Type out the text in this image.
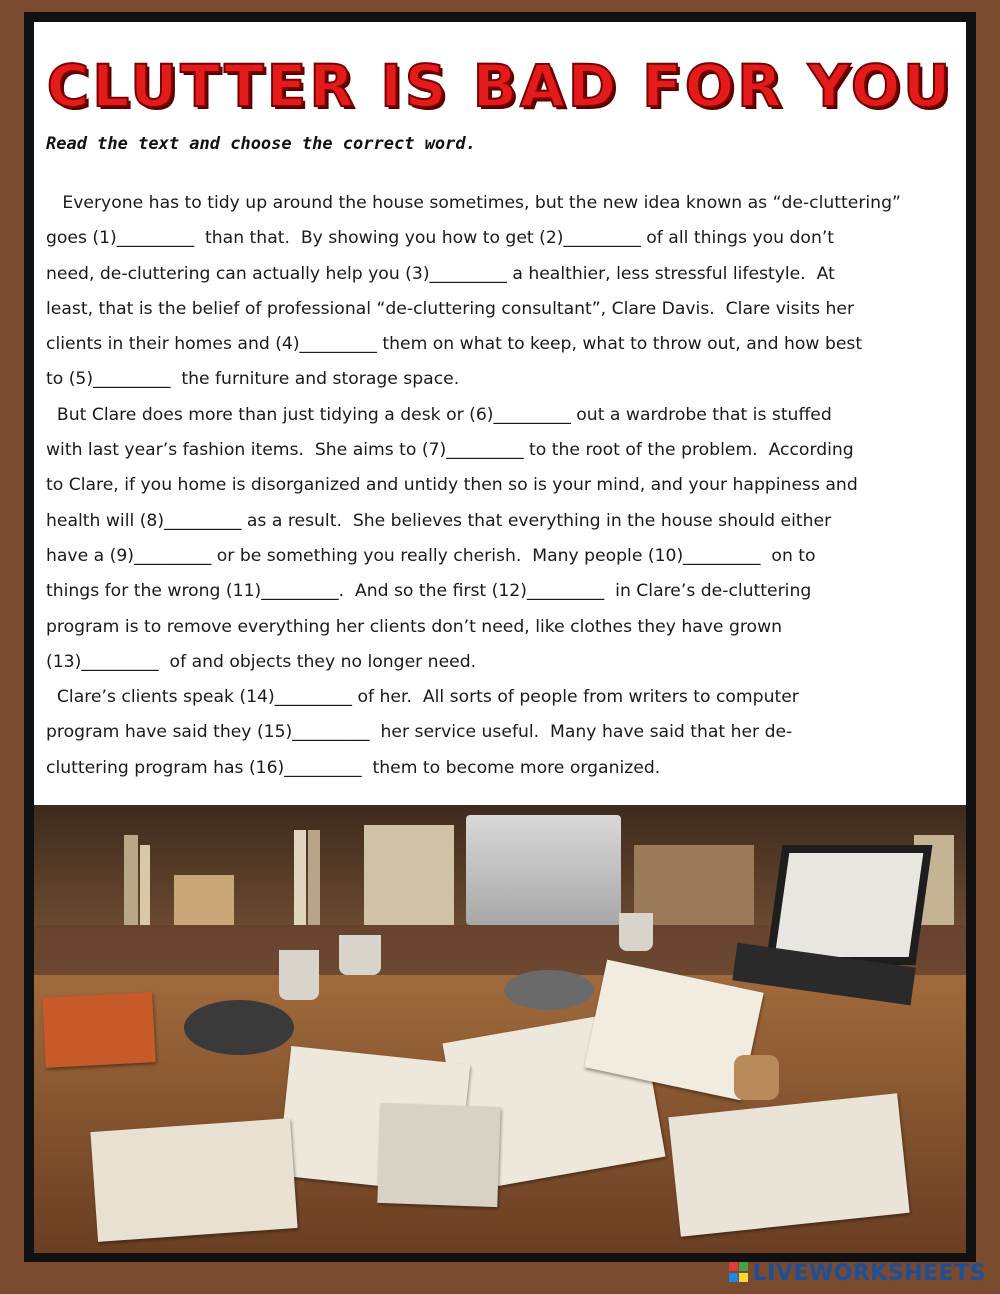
CLUTTER IS BAD FOR YOU
Read the text and choose the correct word.
Everyone has to tidy up around the house sometimes, but the new idea known as “de-cluttering”
goes (1)_________  than that.  By showing you how to get (2)_________ of all things you don’t
need, de-cluttering can actually help you (3)_________ a healthier, less stressful lifestyle.  At
least, that is the belief of professional “de-cluttering consultant”, Clare Davis.  Clare visits her
clients in their homes and (4)_________ them on what to keep, what to throw out, and how best
to (5)_________  the furniture and storage space.
But Clare does more than just tidying a desk or (6)_________ out a wardrobe that is stuffed
with last year’s fashion items.  She aims to (7)_________ to the root of the problem.  According
to Clare, if you home is disorganized and untidy then so is your mind, and your happiness and
health will (8)_________ as a result.  She believes that everything in the house should either
have a (9)_________ or be something you really cherish.  Many people (10)_________  on to
things for the wrong (11)_________.  And so the first (12)_________  in Clare’s de-cluttering
program is to remove everything her clients don’t need, like clothes they have grown
(13)_________  of and objects they no longer need.
Clare’s clients speak (14)_________ of her.  All sorts of people from writers to computer
program have said they (15)_________  her service useful.  Many have said that her de-
cluttering program has (16)_________  them to become more organized.
LIVEWORKSHEETS
